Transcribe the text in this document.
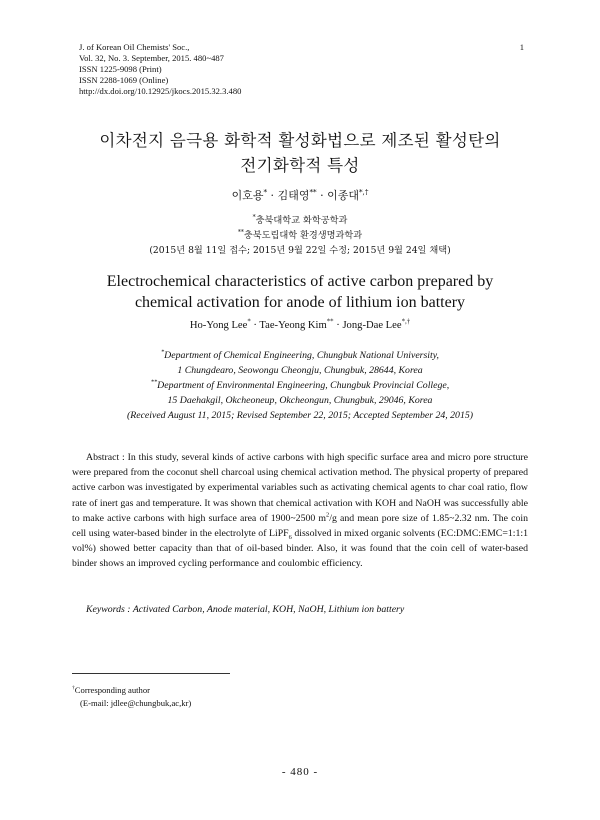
J. of Korean Oil Chemists' Soc.,
Vol. 32, No. 3. September, 2015. 480~487
ISSN 1225-9098 (Print)
ISSN 2288-1069 (Online)
http://dx.doi.org/10.12925/jkocs.2015.32.3.480
1
이차전지 음극용 화학적 활성화법으로 제조된 활성탄의
전기화학적 특성
이호용* · 김태영** · 이종대*,†
*충북대학교 화학공학과
**충북도립대학 환경생명과학과
(2015년 8월 11일 접수; 2015년 9월 22일 수정; 2015년 9월 24일 채택)
Electrochemical characteristics of active carbon prepared by
chemical activation for anode of lithium ion battery
Ho-Yong Lee* · Tae-Yeong Kim** · Jong-Dae Lee*,†
*Department of Chemical Engineering, Chungbuk National University,
1 Chungdearo, Seowongu Cheongju, Chungbuk, 28644, Korea
**Department of Environmental Engineering, Chungbuk Provincial College,
15 Daehakgil, Okcheoneup, Okcheongun, Chungbuk, 29046, Korea
(Received August 11, 2015; Revised September 22, 2015; Accepted September 24, 2015)
Abstract : In this study, several kinds of active carbons with high specific surface area and micro pore structure were prepared from the coconut shell charcoal using chemical activation method. The physical property of prepared active carbon was investigated by experimental variables such as activating chemical agents to char coal ratio, flow rate of inert gas and temperature. It was shown that chemical activation with KOH and NaOH was successfully able to make active carbons with high surface area of 1900~2500 $m^2/g$ and mean pore size of 1.85~2.32 nm. The coin cell using water-based binder in the electrolyte of LiPF$_6$ dissolved in mixed organic solvents (EC:DMC:EMC=1:1:1 vol%) showed better capacity than that of oil-based binder. Also, it was found that the coin cell of water-based binder shows an improved cycling performance and coulombic efficiency.
Keywords : Activated Carbon, Anode material, KOH, NaOH, Lithium ion battery
†Corresponding author
(E-mail: jdlee@chungbuk,ac,kr)
- 480 -
